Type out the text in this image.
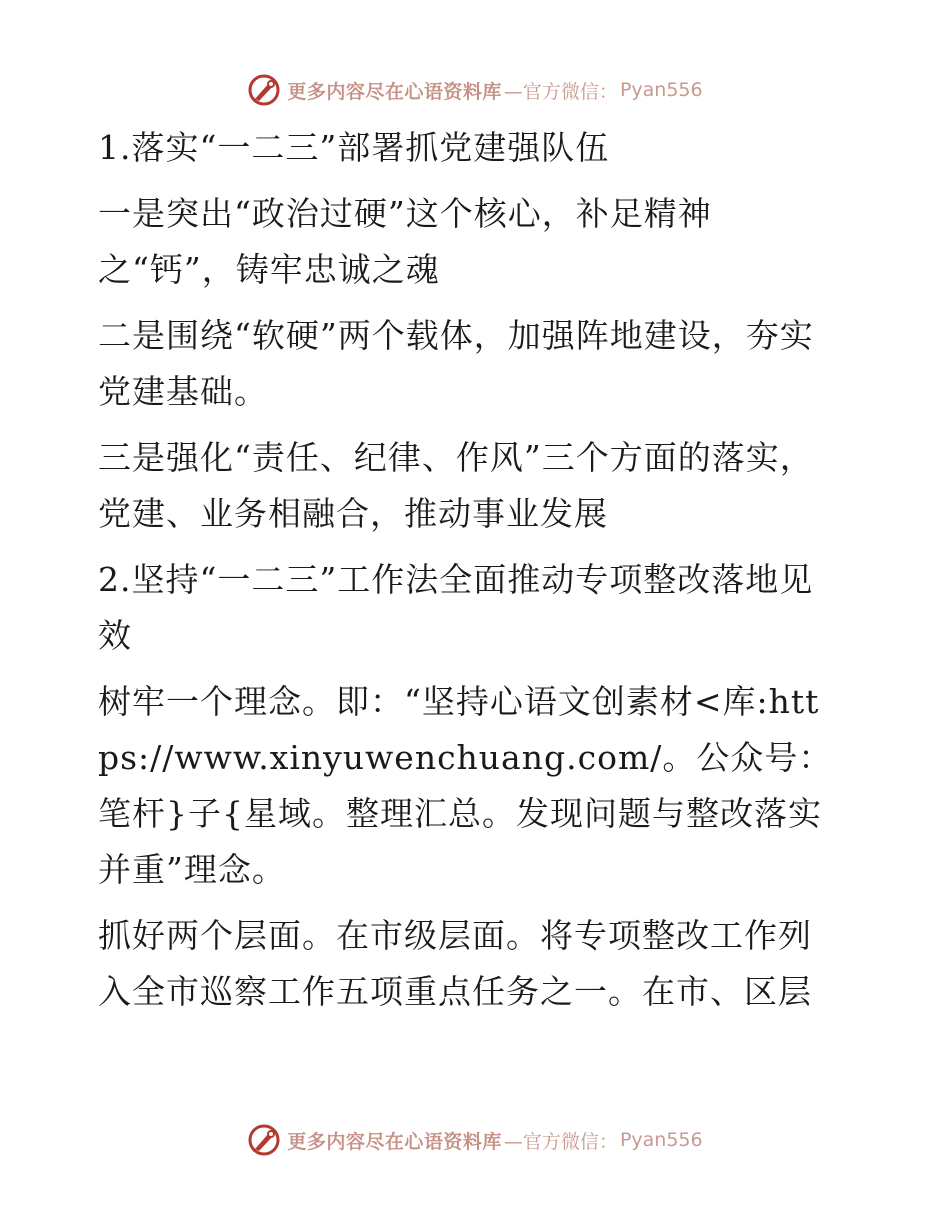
更多内容尽在心语资料库 —官方微信： Pyan556

1.落实“一二三”部署抓党建强队伍

一是突出“政治过硬”这个核心，补足精神之“钙”，铸牢忠诚之魂

二是围绕“软硬”两个载体，加强阵地建设，夯实党建基础。

三是强化“责任、纪律、作风”三个方面的落实，党建、业务相融合，推动事业发展

2.坚持“一二三”工作法全面推动专项整改落地见效

树牢一个理念。即：“坚持心语文创素材<库:https://www.xinyuwenchuang.com/。公众号：笔杆}子{星域。整理汇总。发现问题与整改落实并重”理念。

抓好两个层面。在市级层面。将专项整改工作列入全市巡察工作五项重点任务之一。在市、区层

更多内容尽在心语资料库 —官方微信： Pyan556
